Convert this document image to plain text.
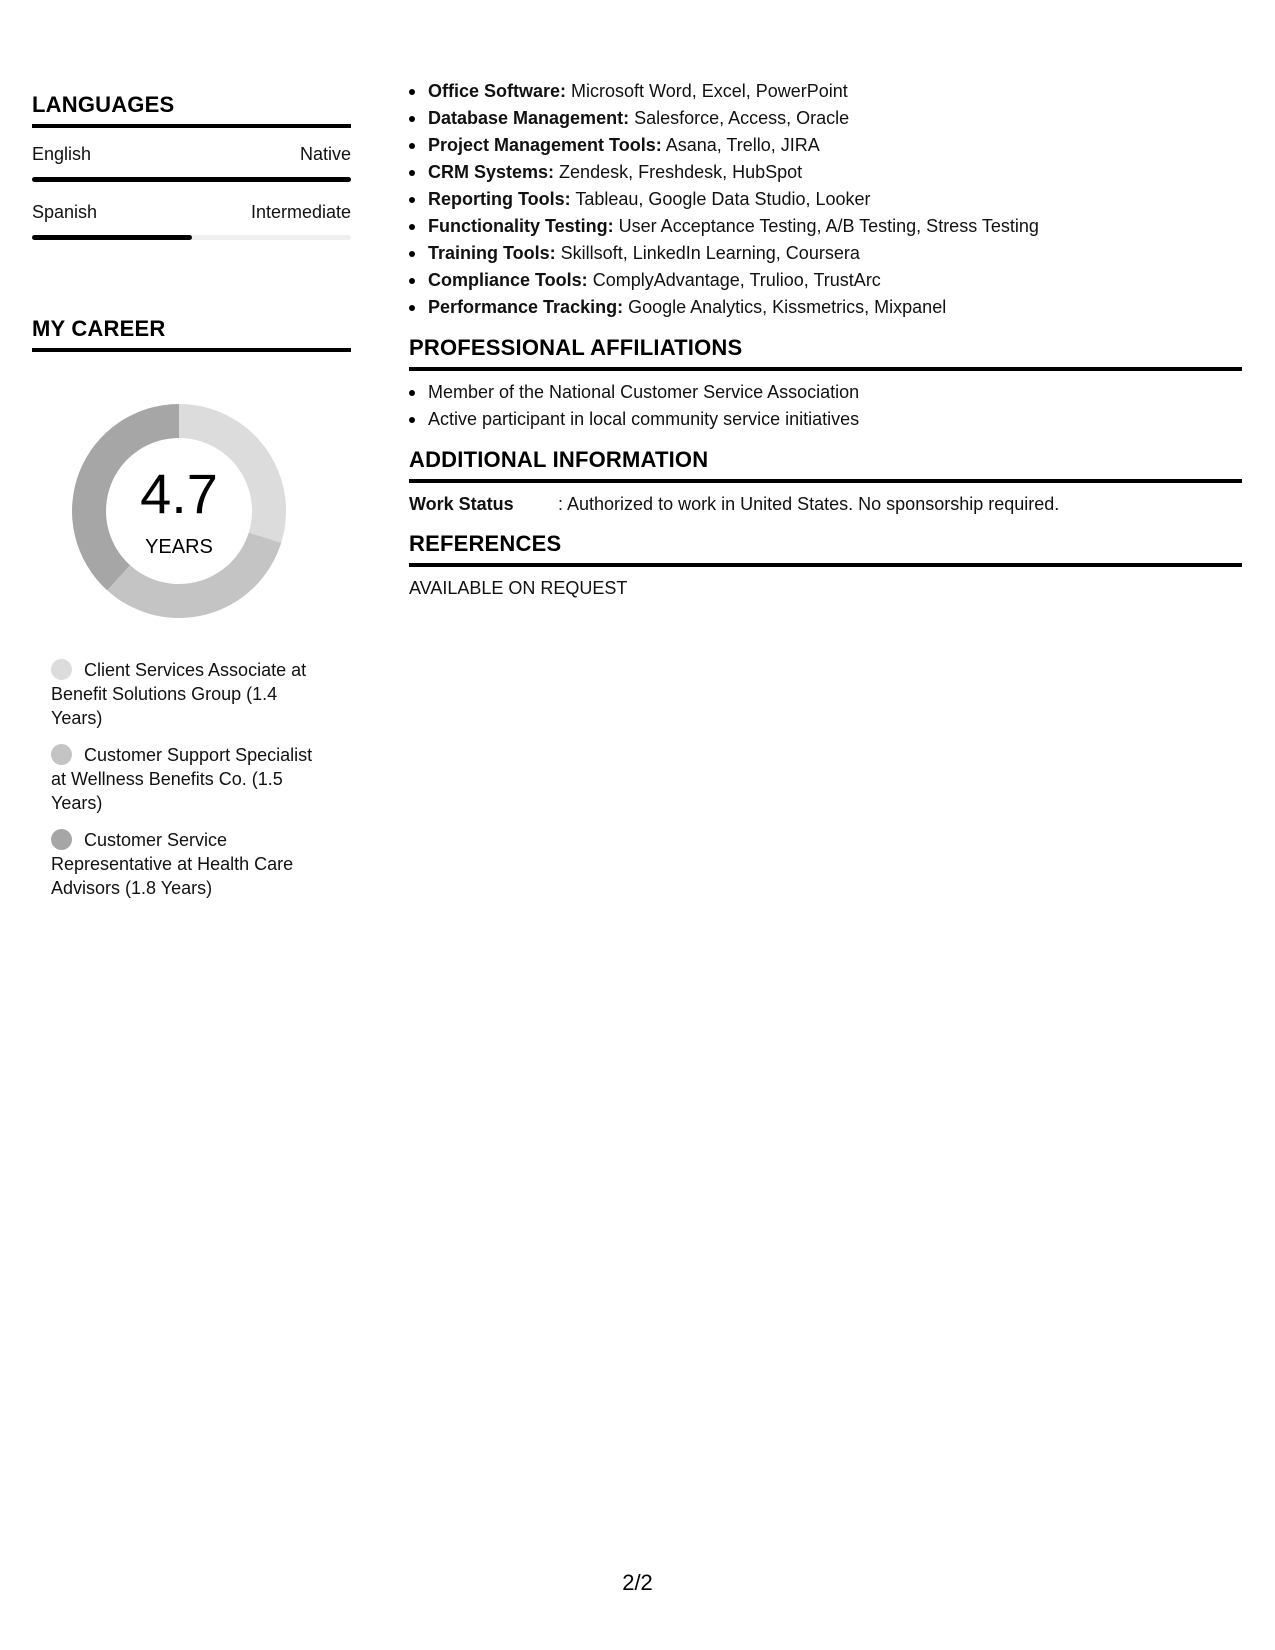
LANGUAGES
English	Native
Spanish	Intermediate
MY CAREER
4.7
YEARS
Client Services Associate at Benefit Solutions Group (1.4 Years)
Customer Support Specialist at Wellness Benefits Co. (1.5 Years)
Customer Service Representative at Health Care Advisors (1.8 Years)
Office Software: Microsoft Word, Excel, PowerPoint
Database Management: Salesforce, Access, Oracle
Project Management Tools: Asana, Trello, JIRA
CRM Systems: Zendesk, Freshdesk, HubSpot
Reporting Tools: Tableau, Google Data Studio, Looker
Functionality Testing: User Acceptance Testing, A/B Testing, Stress Testing
Training Tools: Skillsoft, LinkedIn Learning, Coursera
Compliance Tools: ComplyAdvantage, Trulioo, TrustArc
Performance Tracking: Google Analytics, Kissmetrics, Mixpanel
PROFESSIONAL AFFILIATIONS
Member of the National Customer Service Association
Active participant in local community service initiatives
ADDITIONAL INFORMATION
Work Status	: Authorized to work in United States. No sponsorship required.
REFERENCES
AVAILABLE ON REQUEST
2/2
